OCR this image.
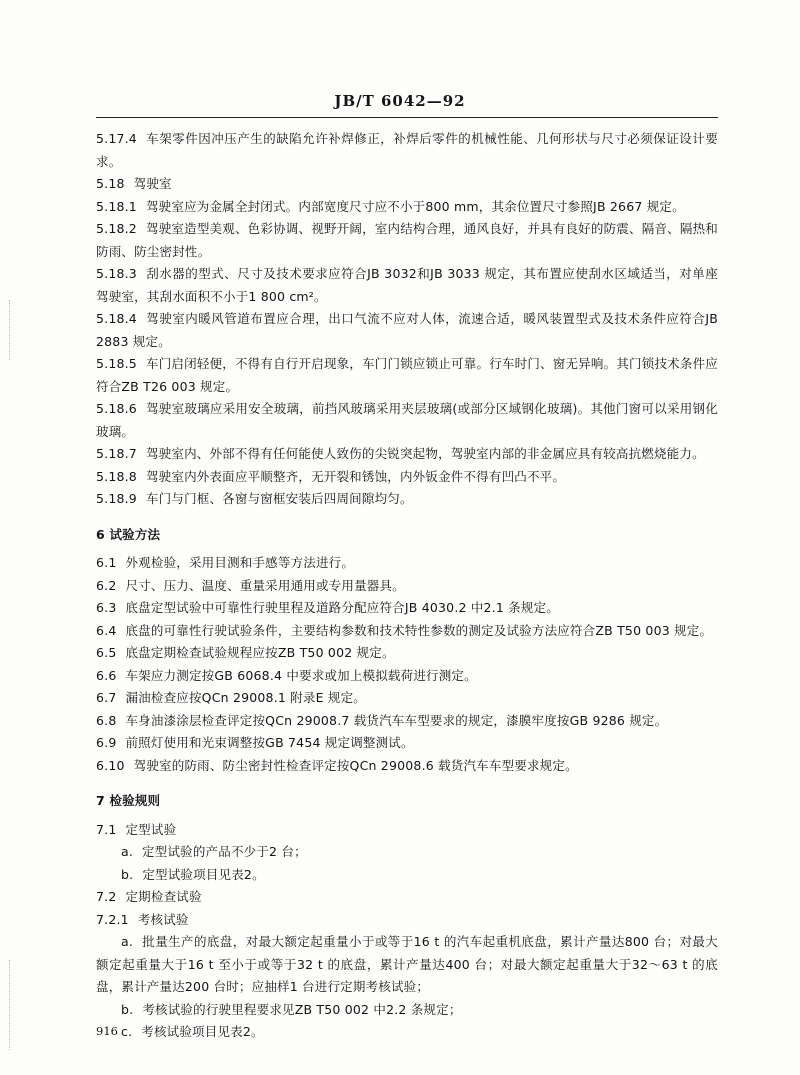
JB/T 6042—92

5.17.4 车架零件因冲压产生的缺陷允许补焊修正，补焊后零件的机械性能、几何形状与尺寸必须保证设计要求。

5.18 驾驶室

5.18.1 驾驶室应为金属全封闭式。内部宽度尺寸应不小于800 mm，其余位置尺寸参照JB 2667 规定。

5.18.2 驾驶室造型美观、色彩协调、视野开阔，室内结构合理，通风良好，并具有良好的防震、隔音、隔热和防雨、防尘密封性。

5.18.3 刮水器的型式、尺寸及技术要求应符合JB 3032和JB 3033 规定，其布置应使刮水区域适当，对单座驾驶室，其刮水面积不小于1 800 cm²。

5.18.4 驾驶室内暖风管道布置应合理，出口气流不应对人体，流速合适，暖风装置型式及技术条件应符合JB 2883 规定。

5.18.5 车门启闭轻便，不得有自行开启现象，车门门锁应锁止可靠。行车时门、窗无异响。其门锁技术条件应符合ZB T26 003 规定。

5.18.6 驾驶室玻璃应采用安全玻璃，前挡风玻璃采用夹层玻璃(或部分区域钢化玻璃)。其他门窗可以采用钢化玻璃。

5.18.7 驾驶室内、外部不得有任何能使人致伤的尖锐突起物，驾驶室内部的非金属应具有较高抗燃烧能力。

5.18.8 驾驶室内外表面应平顺整齐，无开裂和锈蚀，内外钣金件不得有凹凸不平。

5.18.9 车门与门框、各窗与窗框安装后四周间隙均匀。

6 试验方法

6.1 外观检验，采用目测和手感等方法进行。

6.2 尺寸、压力、温度、重量采用通用或专用量器具。

6.3 底盘定型试验中可靠性行驶里程及道路分配应符合JB 4030.2 中2.1 条规定。

6.4 底盘的可靠性行驶试验条件，主要结构参数和技术特性参数的测定及试验方法应符合ZB T50 003 规定。

6.5 底盘定期检查试验规程应按ZB T50 002 规定。

6.6 车架应力测定按GB 6068.4 中要求或加上模拟载荷进行测定。

6.7 漏油检查应按QCn 29008.1 附录E 规定。

6.8 车身油漆涂层检查评定按QCn 29008.7 载货汽车车型要求的规定，漆膜牢度按GB 9286 规定。

6.9 前照灯使用和光束调整按GB 7454 规定调整测试。

6.10 驾驶室的防雨、防尘密封性检查评定按QCn 29008.6 载货汽车车型要求规定。

7 检验规则

7.1 定型试验

a. 定型试验的产品不少于2 台；

b. 定型试验项目见表2。

7.2 定期检查试验

7.2.1 考核试验

a. 批量生产的底盘，对最大额定起重量小于或等于16 t 的汽车起重机底盘，累计产量达800 台；对最大额定起重量大于16 t 至小于或等于32 t 的底盘，累计产量达400 台；对最大额定起重量大于32～63 t 的底盘，累计产量达200 台时；应抽样1 台进行定期考核试验；

b. 考核试验的行驶里程要求见ZB T50 002 中2.2 条规定；

c. 考核试验项目见表2。

916
